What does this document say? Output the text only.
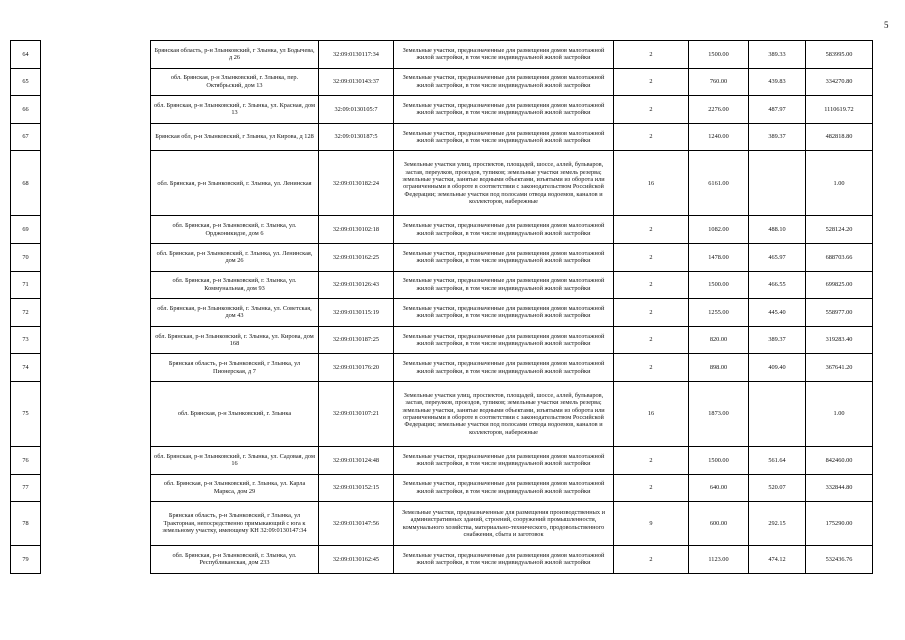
5
64		Брянская область, р-н Злынковский, г Злынка, ул Бодычева, д 26	32:09:0130117:34	Земельные участки, предназначенные для размещения домов малоэтажной жилой застройки, в том числе индивидуальной жилой застройки	2	1500.00	389.33	583995.00
65		обл. Брянская, р-н Злынковский, г. Злынка, пер. Октябрьский, дом 13	32:09:0130143:37	Земельные участки, предназначенные для размещения домов малоэтажной жилой застройки, в том числе индивидуальной жилой застройки	2	760.00	439.83	334270.80
66		обл. Брянская, р-н Злынковский, г. Злынка, ул. Красная, дом 13	32:09:0130105:7	Земельные участки, предназначенные для размещения домов малоэтажной жилой застройки, в том числе индивидуальной жилой застройки	2	2276.00	487.97	1110619.72
67		Брянская обл, р-н Злынковский, г Злынка, ул Кирова, д 128	32:09:0130187:5	Земельные участки, предназначенные для размещения домов малоэтажной жилой застройки, в том числе индивидуальной жилой застройки	2	1240.00	389.37	482818.80
68		обл. Брянская, р-н Злынковский, г. Злынка, ул. Ленинская	32:09:0130182:24	Земельные участки улиц, проспектов, площадей, шоссе, аллей, бульваров, застав, переулков, проездов, тупиков; земельные участки земель резерва; земельные участки, занятые водными объектами, изъятыми из оборота или ограниченными в обороте в соответствии с законодательством Российской Федерации; земельные участки под полосами отвода водоемов, каналов и коллекторов, набережные	16	6161.00		1.00
69		обл. Брянская, р-н Злынковский, г. Злынка, ул. Орджоникидзе, дом 6	32:09:0130102:18	Земельные участки, предназначенные для размещения домов малоэтажной жилой застройки, в том числе индивидуальной жилой застройки	2	1082.00	488.10	528124.20
70		обл. Брянская, р-н Злынковский, г. Злынка, ул. Ленинская, дом 26	32:09:0130162:25	Земельные участки, предназначенные для размещения домов малоэтажной жилой застройки, в том числе индивидуальной жилой застройки	2	1478.00	465.97	688703.66
71		обл. Брянская, р-н Злынковский, г. Злынка, ул. Коммунальная, дом 93	32:09:0130126:43	Земельные участки, предназначенные для размещения домов малоэтажной жилой застройки, в том числе индивидуальной жилой застройки	2	1500.00	466.55	699825.00
72		обл. Брянская, р-н Злынковский, г. Злынка, ул. Советская, дом 43	32:09:0130115:19	Земельные участки, предназначенные для размещения домов малоэтажной жилой застройки, в том числе индивидуальной жилой застройки	2	1255.00	445.40	558977.00
73		обл. Брянская, р-н Злынковский, г. Злынка, ул. Кирова, дом 168	32:09:0130187:25	Земельные участки, предназначенные для размещения домов малоэтажной жилой застройки, в том числе индивидуальной жилой застройки	2	820.00	389.37	319283.40
74		Брянская область, р-н Злынковский, г Злынка, ул Пионерская, д 7	32:09:0130176:20	Земельные участки, предназначенные для размещения домов малоэтажной жилой застройки, в том числе индивидуальной жилой застройки	2	898.00	409.40	367641.20
75		обл. Брянская, р-н Злынковский, г. Злынка	32:09:0130107:21	Земельные участки улиц, проспектов, площадей, шоссе, аллей, бульваров, застав, переулков, проездов, тупиков; земельные участки земель резерва; земельные участки, занятые водными объектами, изъятыми из оборота или ограниченными в обороте в соответствии с законодательством Российской Федерации; земельные участки под полосами отвода водоемов, каналов и коллекторов, набережные	16	1873.00		1.00
76		обл. Брянская, р-н Злынковский, г. Злынка, ул. Садовая, дом 16	32:09:0130124:48	Земельные участки, предназначенные для размещения домов малоэтажной жилой застройки, в том числе индивидуальной жилой застройки	2	1500.00	561.64	842460.00
77		обл. Брянская, р-н Злынковский, г. Злынка, ул. Карла Маркса, дом 29	32:09:0130152:15	Земельные участки, предназначенные для размещения домов малоэтажной жилой застройки, в том числе индивидуальной жилой застройки	2	640.00	520.07	332844.80
78		Брянская область, р-н Злынковский, г Злынка, ул Тракторная, непосредственно примыкающий с юга к земельному участку, имеющему КН 32:09:0130147:34	32:09:0130147:56	Земельные участки, предназначенные для размещения производственных и административных зданий, строений, сооружений промышленности, коммунального хозяйства, материально-технического, продовольственного снабжения, сбыта и заготовок	9	600.00	292.15	175290.00
79		обл. Брянская, р-н Злынковский, г. Злынка, ул. Республиканская, дом 233	32:09:0130162:45	Земельные участки, предназначенные для размещения домов малоэтажной жилой застройки, в том числе индивидуальной жилой застройки	2	1123.00	474.12	532436.76
